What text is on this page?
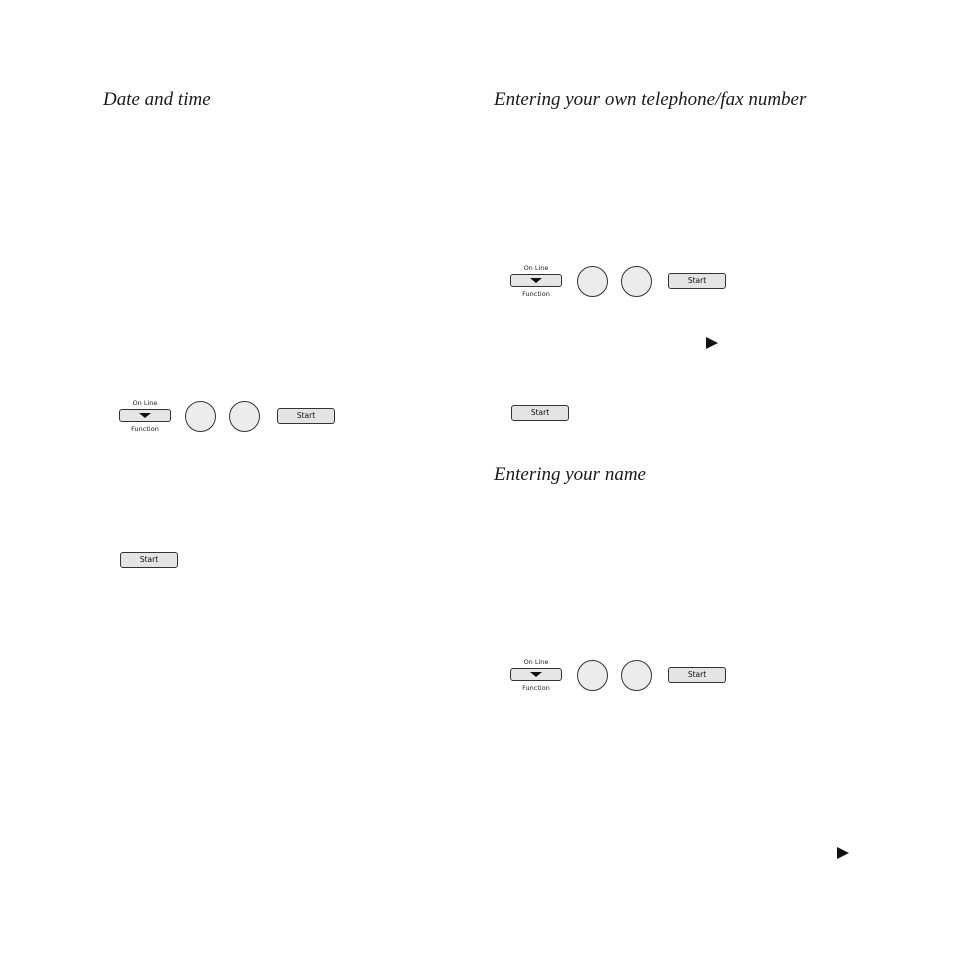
Date and time
On Line
Function
Start
Start
Entering your own telephone/fax number
On Line
Function
Start
Start
Entering your name
On Line
Function
Start
